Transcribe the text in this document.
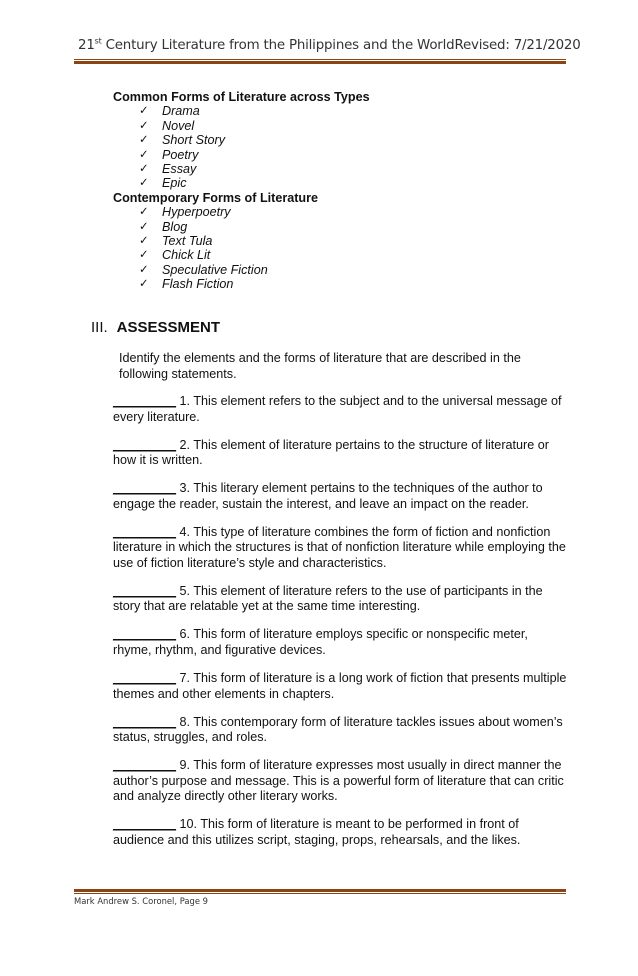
21st Century Literature from the Philippines and the World Revised: 7/21/2020
Common Forms of Literature across Types
✓ Drama
✓ Novel
✓ Short Story
✓ Poetry
✓ Essay
✓ Epic
Contemporary Forms of Literature
✓ Hyperpoetry
✓ Blog
✓ Text Tula
✓ Chick Lit
✓ Speculative Fiction
✓ Flash Fiction
III. ASSESSMENT
Identify the elements and the forms of literature that are described in the following statements.
_________ 1. This element refers to the subject and to the universal message of every literature.
_________ 2. This element of literature pertains to the structure of literature or how it is written.
_________ 3. This literary element pertains to the techniques of the author to engage the reader, sustain the interest, and leave an impact on the reader.
_________ 4. This type of literature combines the form of fiction and nonfiction literature in which the structures is that of nonfiction literature while employing the use of fiction literature’s style and characteristics.
_________ 5. This element of literature refers to the use of participants in the story that are relatable yet at the same time interesting.
_________ 6. This form of literature employs specific or nonspecific meter, rhyme, rhythm, and figurative devices.
_________ 7. This form of literature is a long work of fiction that presents multiple themes and other elements in chapters.
_________ 8. This contemporary form of literature tackles issues about women’s status, struggles, and roles.
_________ 9. This form of literature expresses most usually in direct manner the author’s purpose and message. This is a powerful form of literature that can critic and analyze directly other literary works.
_________ 10. This form of literature is meant to be performed in front of audience and this utilizes script, staging, props, rehearsals, and the likes.
Mark Andrew S. Coronel, Page 9
